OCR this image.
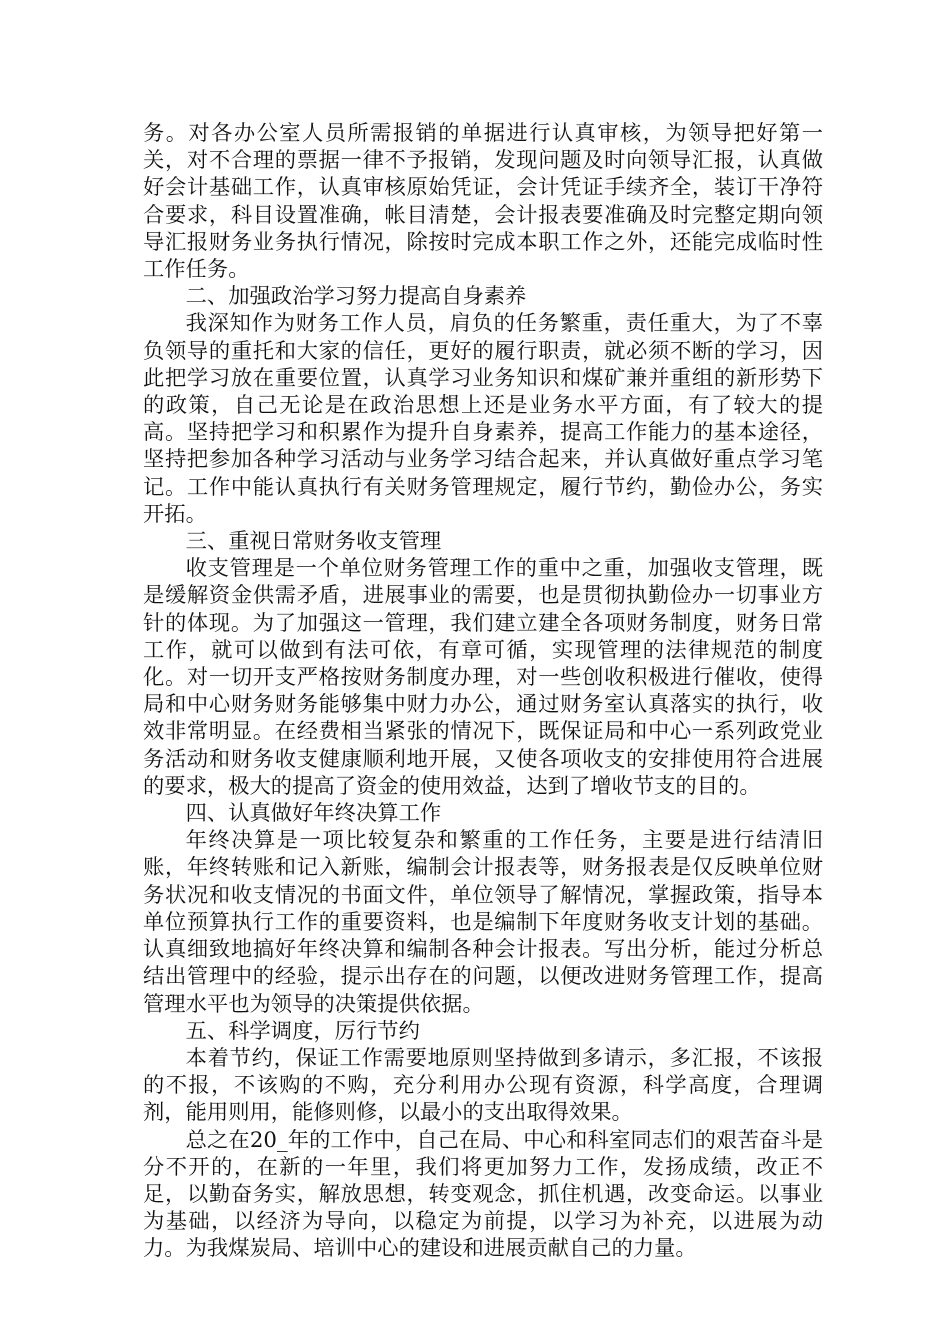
务。对各办公室人员所需报销的单据进行认真审核，为领导把好第一关，对不合理的票据一律不予报销，发现问题及时向领导汇报，认真做好会计基础工作，认真审核原始凭证，会计凭证手续齐全，装订干净符合要求，科目设置准确，帐目清楚，会计报表要准确及时完整定期向领导汇报财务业务执行情况，除按时完成本职工作之外，还能完成临时性工作任务。

二、加强政治学习努力提高自身素养

我深知作为财务工作人员，肩负的任务繁重，责任重大，为了不辜负领导的重托和大家的信任，更好的履行职责，就必须不断的学习，因此把学习放在重要位置，认真学习业务知识和煤矿兼并重组的新形势下的政策，自己无论是在政治思想上还是业务水平方面，有了较大的提高。坚持把学习和积累作为提升自身素养，提高工作能力的基本途径，坚持把参加各种学习活动与业务学习结合起来，并认真做好重点学习笔记。工作中能认真执行有关财务管理规定，履行节约，勤俭办公，务实开拓。

三、重视日常财务收支管理

收支管理是一个单位财务管理工作的重中之重，加强收支管理，既是缓解资金供需矛盾，进展事业的需要，也是贯彻执勤俭办一切事业方针的体现。为了加强这一管理，我们建立建全各项财务制度，财务日常工作，就可以做到有法可依，有章可循，实现管理的法律规范的制度化。对一切开支严格按财务制度办理，对一些创收积极进行催收，使得局和中心财务财务能够集中财力办公，通过财务室认真落实的执行，收效非常明显。在经费相当紧张的情况下，既保证局和中心一系列政党业务活动和财务收支健康顺利地开展，又使各项收支的安排使用符合进展的要求，极大的提高了资金的使用效益，达到了增收节支的目的。

四、认真做好年终决算工作

年终决算是一项比较复杂和繁重的工作任务，主要是进行结清旧账，年终转账和记入新账，编制会计报表等，财务报表是仅反映单位财务状况和收支情况的书面文件，单位领导了解情况，掌握政策，指导本单位预算执行工作的重要资料，也是编制下年度财务收支计划的基础。认真细致地搞好年终决算和编制各种会计报表。写出分析，能过分析总结出管理中的经验，提示出存在的问题，以便改进财务管理工作，提高管理水平也为领导的决策提供依据。

五、科学调度，厉行节约

本着节约，保证工作需要地原则坚持做到多请示，多汇报，不该报的不报，不该购的不购，充分利用办公现有资源，科学高度，合理调剂，能用则用，能修则修，以最小的支出取得效果。

总之在20_年的工作中，自己在局、中心和科室同志们的艰苦奋斗是分不开的，在新的一年里，我们将更加努力工作，发扬成绩，改正不足，以勤奋务实，解放思想，转变观念，抓住机遇，改变命运。以事业为基础，以经济为导向，以稳定为前提，以学习为补充，以进展为动力。为我煤炭局、培训中心的建设和进展贡献自己的力量。
